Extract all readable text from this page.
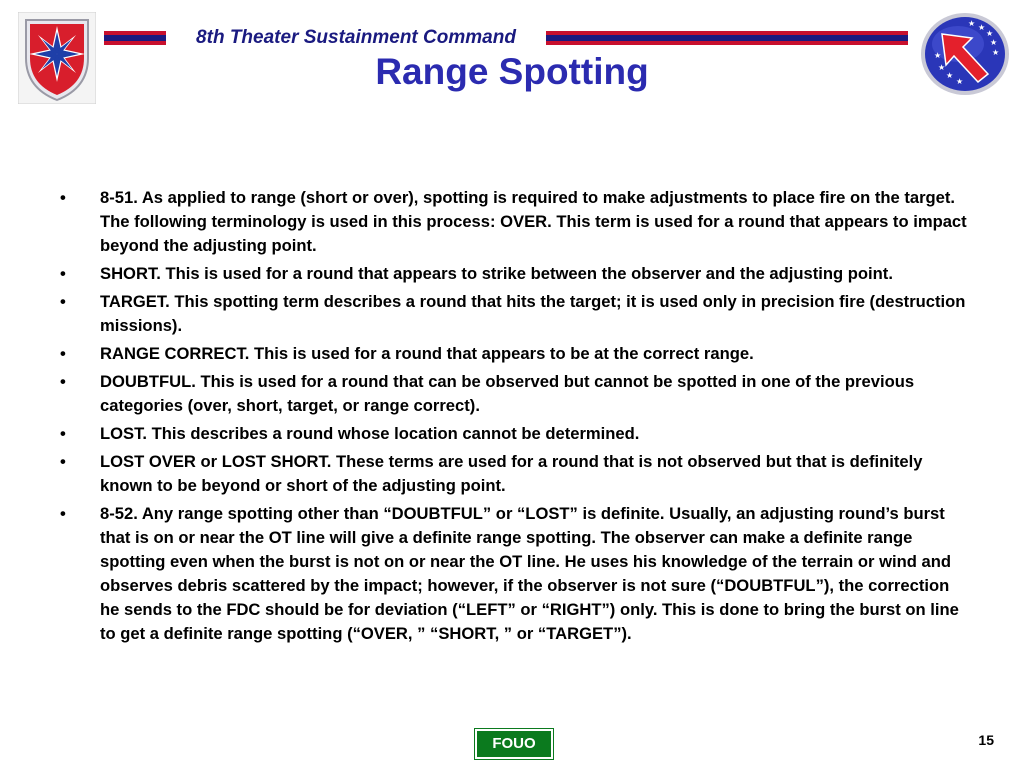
8th Theater Sustainment Command
★ ★
★
★
★
★
★
★
★
Range Spotting
• 8-51. As applied to range (short or over), spotting is required to make adjustments to place fire on the target. The following terminology is used in this process: OVER. This term is used for a round that appears to impact beyond the adjusting point.
• SHORT. This is used for a round that appears to strike between the observer and the adjusting point.
• TARGET. This spotting term describes a round that hits the target; it is used only in precision fire (destruction missions).
• RANGE CORRECT. This is used for a round that appears to be at the correct range.
• DOUBTFUL. This is used for a round that can be observed but cannot be spotted in one of the previous categories (over, short, target, or range correct).
• LOST. This describes a round whose location cannot be determined.
• LOST OVER or LOST SHORT. These terms are used for a round that is not observed but that is definitely known to be beyond or short of the adjusting point.
• 8-52. Any range spotting other than “DOUBTFUL” or “LOST” is definite. Usually, an adjusting round’s burst that is on or near the OT line will give a definite range spotting. The observer can make a definite range spotting even when the burst is not on or near the OT line. He uses his knowledge of the terrain or wind and observes debris scattered by the impact; however, if the observer is not sure (“DOUBTFUL”), the correction he sends to the FDC should be for deviation (“LEFT” or “RIGHT”) only. This is done to bring the burst on line to get a definite range spotting (“OVER, ” “SHORT, ” or “TARGET”).
FOUO	15
